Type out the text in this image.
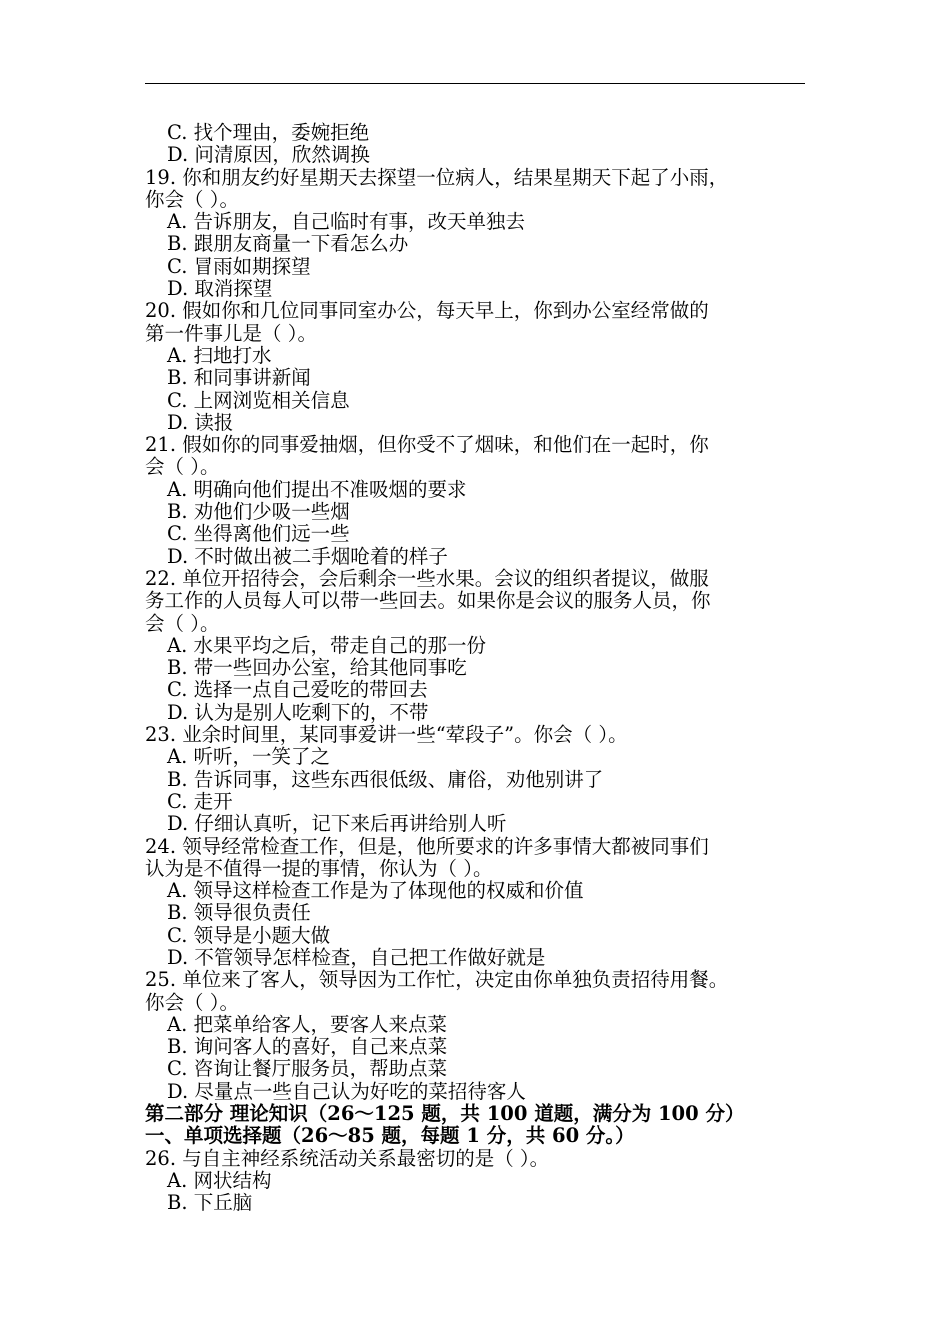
C. 找个理由，委婉拒绝
D. 问清原因，欣然调换
19. 你和朋友约好星期天去探望一位病人，结果星期天下起了小雨，
你会（ ）。
A. 告诉朋友，自己临时有事，改天单独去
B. 跟朋友商量一下看怎么办
C. 冒雨如期探望
D. 取消探望
20. 假如你和几位同事同室办公，每天早上，你到办公室经常做的
第一件事儿是（ ）。
A. 扫地打水
B. 和同事讲新闻
C. 上网浏览相关信息
D. 读报
21. 假如你的同事爱抽烟，但你受不了烟味，和他们在一起时，你
会（ ）。
A. 明确向他们提出不准吸烟的要求
B. 劝他们少吸一些烟
C. 坐得离他们远一些
D. 不时做出被二手烟呛着的样子
22. 单位开招待会，会后剩余一些水果。会议的组织者提议，做服
务工作的人员每人可以带一些回去。如果你是会议的服务人员，你
会（ ）。
A. 水果平均之后，带走自己的那一份
B. 带一些回办公室，给其他同事吃
C. 选择一点自己爱吃的带回去
D. 认为是别人吃剩下的，不带
23. 业余时间里，某同事爱讲一些“荤段子”。你会（ ）。
A. 听听，一笑了之
B. 告诉同事，这些东西很低级、庸俗，劝他别讲了
C. 走开
D. 仔细认真听，记下来后再讲给别人听
24. 领导经常检查工作，但是，他所要求的许多事情大都被同事们
认为是不值得一提的事情，你认为（ ）。
A. 领导这样检查工作是为了体现他的权威和价值
B. 领导很负责任
C. 领导是小题大做
D. 不管领导怎样检查，自己把工作做好就是
25. 单位来了客人，领导因为工作忙，决定由你单独负责招待用餐。
你会（ ）。
A. 把菜单给客人，要客人来点菜
B. 询问客人的喜好，自己来点菜
C. 咨询让餐厅服务员，帮助点菜
D. 尽量点一些自己认为好吃的菜招待客人
第二部分 理论知识（26～125 题，共 100 道题，满分为 100 分）
一、单项选择题（26～85 题，每题 1 分，共 60 分。）
26. 与自主神经系统活动关系最密切的是（ ）。
A. 网状结构
B. 下丘脑
